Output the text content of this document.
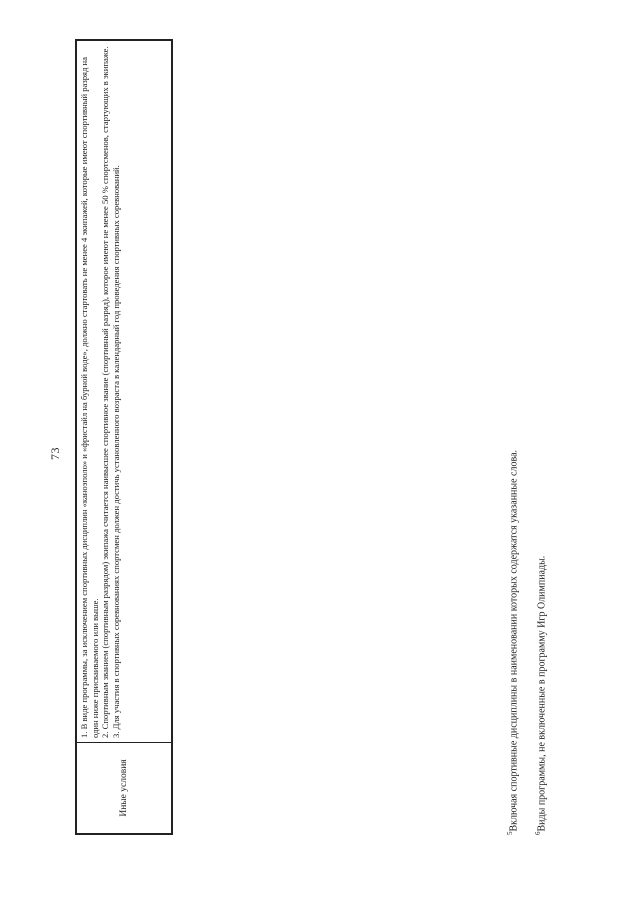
73
Иные условия

1. В виде программы, за исключением спортивных дисциплин «каноэполо» и «фристайл на бурной воде», должно стартовать не менее 4 экипажей, которые имеют спортивный разряд на один ниже присваиваемого или выше. 2. Спортивным званием (спортивным разрядом) экипажа считается наивысшее спортивное звание (спортивный разряд), которое имеют не менее 50 % спортсменов, стартующих в экипаже. 3. Для участия в спортивных соревнованиях спортсмен должен достичь установленного возраста в календарный год проведения спортивных соревнований.

$^5$Включая спортивные дисциплины в наименовании которых содержатся указанные слова.

$^6$Виды программы, не включенные в программу Игр Олимпиады.
